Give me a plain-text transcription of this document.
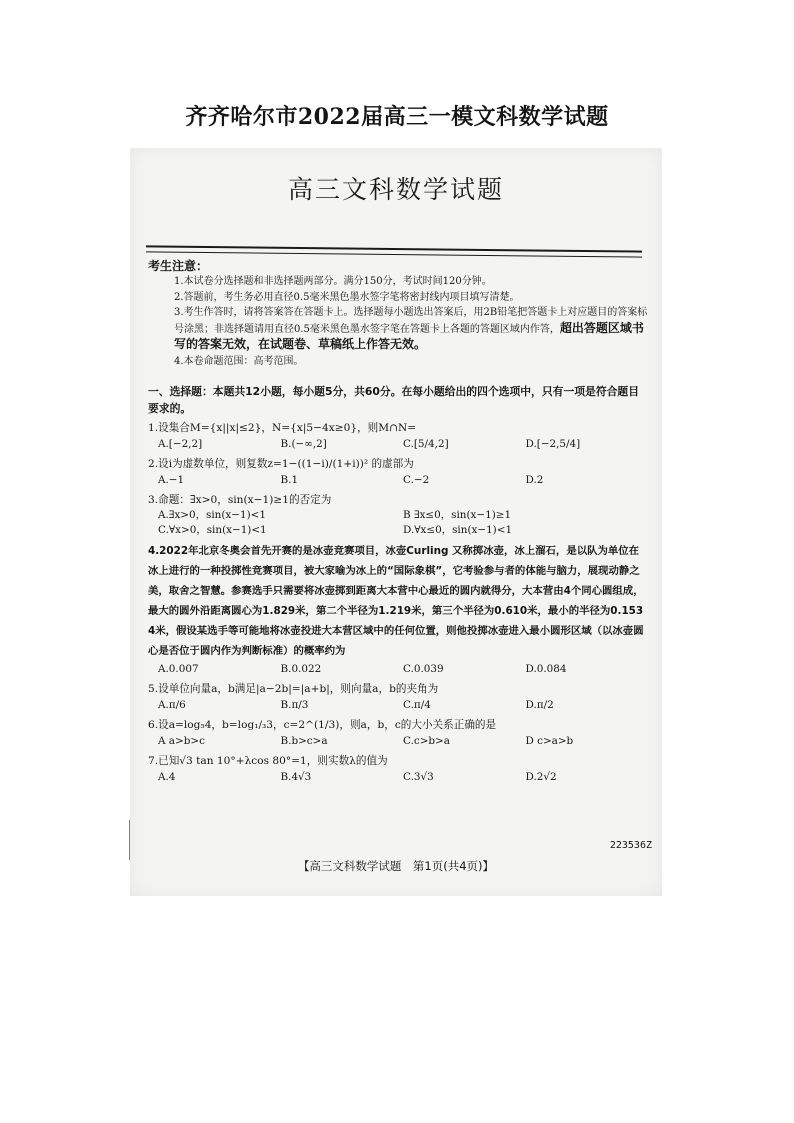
齐齐哈尔市2022届高三一模文科数学试题
高三文科数学试题
考生注意：
1.本试卷分选择题和非选择题两部分。满分150分，考试时间120分钟。
2.答题前，考生务必用直径0.5毫米黑色墨水签字笔将密封线内项目填写清楚。
3.考生作答时，请将答案答在答题卡上。选择题每小题选出答案后，用2B铅笔把答题卡上对应题目的答案标号涂黑；非选择题请用直径0.5毫米黑色墨水签字笔在答题卡上各题的答题区域内作答，超出答题区域书写的答案无效，在试题卷、草稿纸上作答无效。
4.本卷命题范围：高考范围。
一、选择题：本题共12小题，每小题5分，共60分。在每小题给出的四个选项中，只有一项是符合题目要求的。
1.设集合M={x||x|≤2}，N={x|5−4x≥0}，则M∩N=
A.[−2,2]	B.(−∞,2]	C.[5/4,2]	D.[−2,5/4]
2.设i为虚数单位，则复数z=1−((1−i)/(1+i))² 的虚部为
A.−1	B.1	C.−2	D.2
3.命题：∃x>0，sin(x−1)≥1的否定为
A.∃x>0，sin(x−1)<1	B ∃x≤0，sin(x−1)≥1
C.∀x>0，sin(x−1)<1	D.∀x≤0，sin(x−1)<1
4.2022年北京冬奥会首先开赛的是冰壶竞赛项目，冰壶Curling 又称掷冰壶，冰上溜石，是以队为单位在冰上进行的一种投掷性竞赛项目，被大家喻为冰上的“国际象棋”，它考验参与者的体能与脑力，展现动静之美，取舍之智慧。参赛选手只需要将冰壶掷到距离大本营中心最近的圆内就得分，大本营由4个同心圆组成，最大的圆外沿距离圆心为1.829米，第二个半径为1.219米，第三个半径为0.610米，最小的半径为0.153 4米，假设某选手等可能地将冰壶投进大本营区域中的任何位置，则他投掷冰壶进入最小圆形区域（以冰壶圆心是否位于圆内作为判断标准）的概率约为
A.0.007	B.0.022	C.0.039	D.0.084
5.设单位向量a，b满足|a−2b|=|a+b|，则向量a，b的夹角为
A.π/6	B.π/3	C.π/4	D.π/2
6.设a=log₅4，b=log₁/₃3，c=2^(1/3)，则a，b，c的大小关系正确的是
A a>b>c	B.b>c>a	C.c>b>a	D c>a>b
7.已知√3 tan 10°+λcos 80°=1，则实数λ的值为
A.4	B.4√3	C.3√3	D.2√2
223536Z
【高三文科数学试题　第1页(共4页)】
